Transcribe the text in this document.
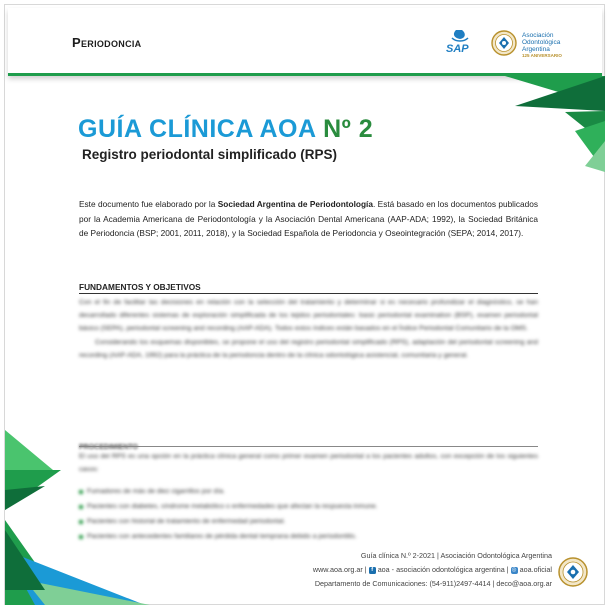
Periodoncia	SAP
Asociación
Odontológica
Argentina
125 ANIVERSARIO
GUÍA CLÍNICA AOA Nº 2
Registro periodontal simplificado (RPS)
Este documento fue elaborado por la Sociedad Argentina de Periodontología. Está basado en los documentos publicados por la Academia Americana de Periodontología y la Asociación Dental Americana (AAP-ADA; 1992), la Sociedad Británica de Periodoncia (BSP; 2001, 2011, 2018), y la Sociedad Española de Periodoncia y Oseointegración (SEPA; 2014, 2017).
FUNDAMENTOS Y OBJETIVOS

Con el fin de facilitar las decisiones en relación con la selección del tratamiento y determinar si es necesario profundizar el diagnóstico, se han desarrollado diferentes sistemas de exploración simplificada de los tejidos periodontales: basic periodontal examination (BSP), examen periodontal básico (SEPA), periodontal screening and recording (AAP-ADA). Todos estos índices están basados en el Índice Periodontal Comunitario de la OMS.

Considerando los esquemas disponibles, se propone el uso del registro periodontal simplificado (RPS), adaptación del periodontal screening and recording (AAP-ADA, 1992) para la práctica de la periodoncia dentro de la clínica odontológica asistencial, comunitaria y general.

PROCEDIMIENTO
El uso del RPS es una opción en la práctica clínica general como primer examen periodontal a los pacientes adultos, con excepción de los siguientes casos:
Fumadores de más de diez cigarrillos por día.
Pacientes con diabetes, síndrome metabólico o enfermedades que afectan la respuesta inmune.
Pacientes con historial de tratamiento de enfermedad periodontal.
Pacientes con antecedentes familiares de pérdida dental temprana debido a periodontitis.
Guía clínica N.º 2-2021 | Asociación Odontológica Argentina
www.aoa.org.ar | f aoa - asociación odontológica argentina | ◎ aoa.oficial
Departamento de Comunicaciones: (54-911)2497-4414 | deco@aoa.org.ar
